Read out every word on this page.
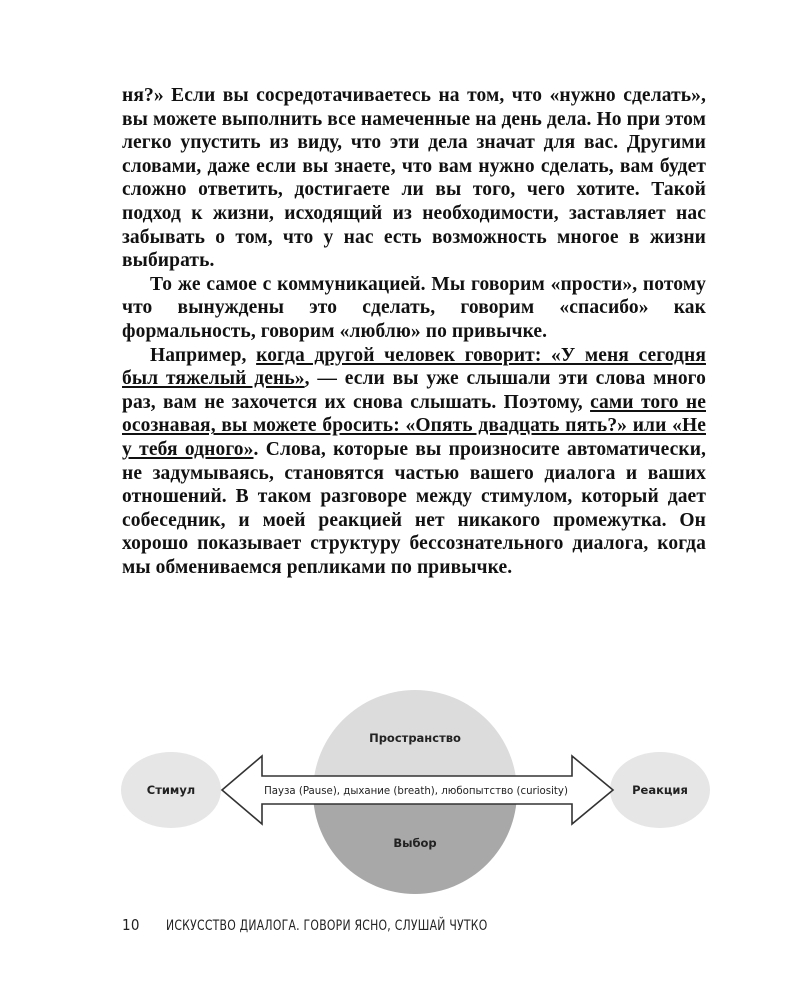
ня?» Если вы сосредотачиваетесь на том, что «нужно сделать», вы можете выполнить все намеченные на день дела. Но при этом легко упустить из виду, что эти дела значат для вас. Другими словами, даже если вы знаете, что вам нужно сделать, вам будет сложно ответить, достигаете ли вы того, чего хотите. Такой подход к жизни, исходящий из необходимости, заставляет нас забывать о том, что у нас есть возможность многое в жизни выбирать.

То же самое с коммуникацией. Мы говорим «прости», потому что вынуждены это сделать, говорим «спасибо» как формальность, говорим «люблю» по привычке.

Например, когда другой человек говорит: «У меня сегодня был тяжелый день», — если вы уже слышали эти слова много раз, вам не захочется их снова слышать. Поэтому, сами того не осознавая, вы можете бросить: «Опять двадцать пять?» или «Не у тебя одного». Слова, которые вы произносите автоматически, не задумываясь, становятся частью вашего диалога и ваших отношений. В таком разговоре между стимулом, который дает собеседник, и моей реакцией нет никакого промежутка. Он хорошо показывает структуру бессознательного диалога, когда мы обмениваемся репликами по привычке.

Пространство
Выбор
Стимул	Реакция
Пауза (Pause), дыхание (breath), любопытство (curiosity)
10 ИСКУССТВО ДИАЛОГА. ГОВОРИ ЯСНО, СЛУШАЙ ЧУТКО
